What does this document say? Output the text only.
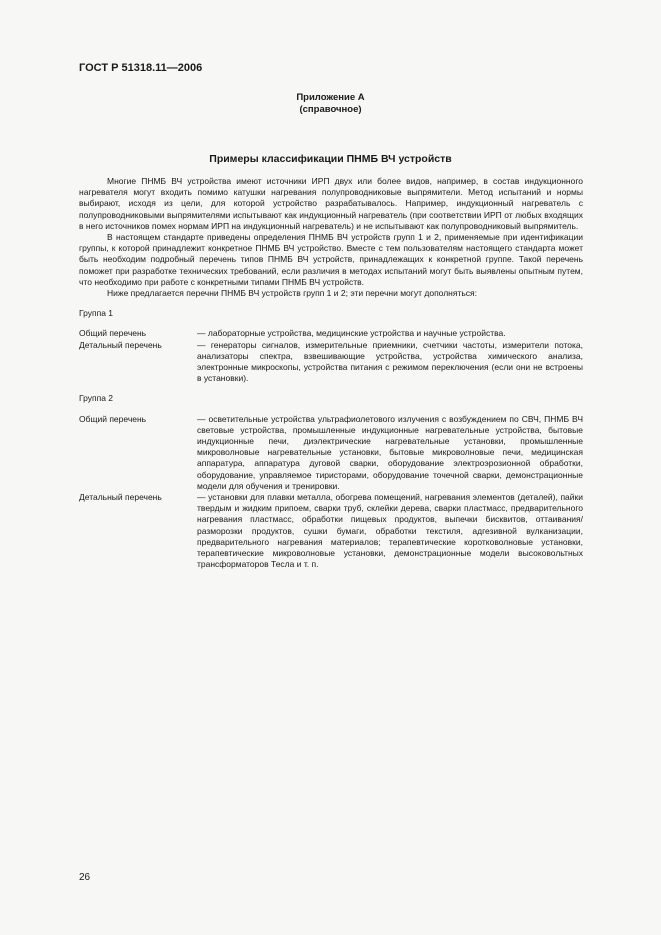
ГОСТ Р 51318.11—2006
Приложение А
(справочное)
Примеры классификации ПНМБ ВЧ устройств

Многие ПНМБ ВЧ устройства имеют источники ИРП двух или более видов, например, в состав индукционного нагревателя могут входить помимо катушки нагревания полупроводниковые выпрямители. Метод испытаний и нормы выбирают, исходя из цели, для которой устройство разрабатывалось. Например, индукционный нагреватель с полупроводниковыми выпрямителями испытывают как индукционный нагреватель (при соответствии ИРП от любых входящих в него источников помех нормам ИРП на индукционный нагреватель) и не испытывают как полупроводниковый выпрямитель.

В настоящем стандарте приведены определения ПНМБ ВЧ устройств групп 1 и 2, применяемые при идентификации группы, к которой принадлежит конкретное ПНМБ ВЧ устройство. Вместе с тем пользователям настоящего стандарта может быть необходим подробный перечень типов ПНМБ ВЧ устройств, принадлежащих к конкретной группе. Такой перечень поможет при разработке технических требований, если различия в методах испытаний могут быть выявлены опытным путем, что необходимо при работе с конкретными типами ПНМБ ВЧ устройств.

Ниже предлагается перечни ПНМБ ВЧ устройств групп 1 и 2; эти перечни могут дополняться:

Группа 1
Общий перечень	— лабораторные устройства, медицинские устройства и научные устройства.
Детальный перечень	— генераторы сигналов, измерительные приемники, счетчики частоты, измерители потока, анализаторы спектра, взвешивающие устройства, устройства химического анализа, электронные микроскопы, устройства питания с режимом переключения (если они не встроены в установки).
Группа 2
Общий перечень	— осветительные устройства ультрафиолетового излучения с возбуждением по СВЧ, ПНМБ ВЧ световые устройства, промышленные индукционные нагревательные устройства, бытовые индукционные печи, диэлектрические нагревательные установки, промышленные микроволновые нагревательные установки, бытовые микроволновые печи, медицинская аппаратура, аппаратура дуговой сварки, оборудование электроэрозионной обработки, оборудование, управляемое тиристорами, оборудование точечной сварки, демонстрационные модели для обучения и тренировки.
Детальный перечень	— установки для плавки металла, обогрева помещений, нагревания элементов (деталей), пайки твердым и жидким припоем, сварки труб, склейки дерева, сварки пластмасс, предварительного нагревания пластмасс, обработки пищевых продуктов, выпечки бисквитов, оттаивания/разморозки продуктов, сушки бумаги, обработки текстиля, адгезивной вулканизации, предварительного нагревания материалов; терапевтические коротковолновые установки, терапевтические микроволновые установки, демонстрационные модели высоковольтных трансформаторов Тесла и т. п.
26
